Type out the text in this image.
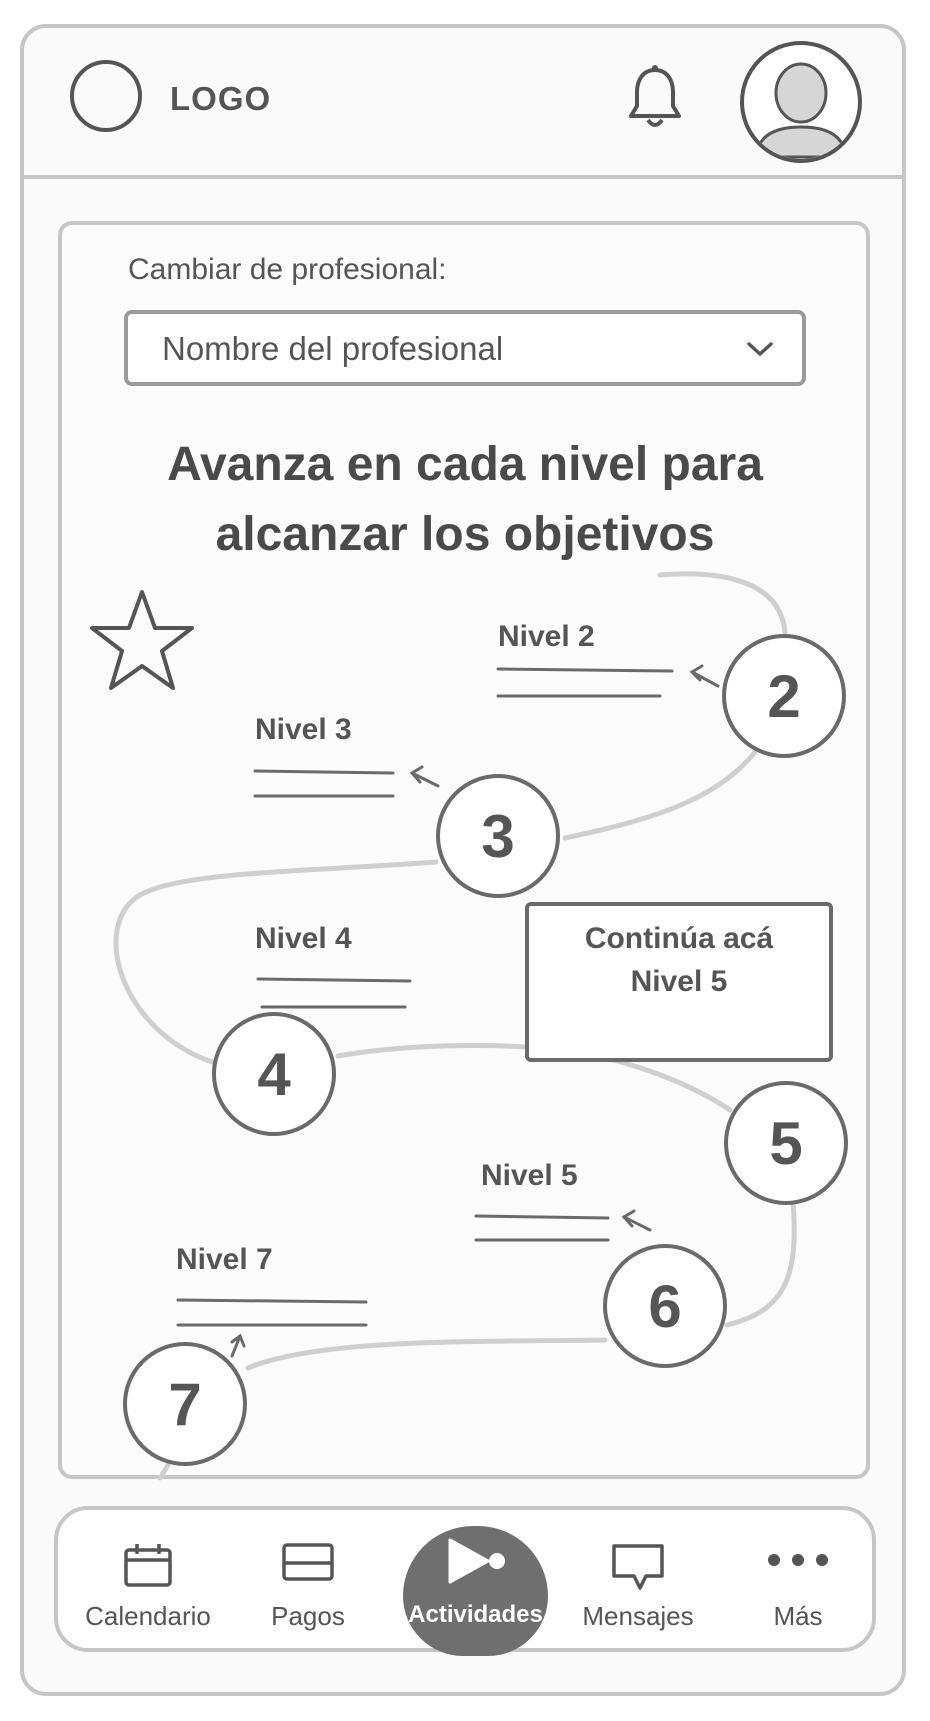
LOGO
Cambiar de profesional:
Nombre del profesional
Avanza en cada nivel para
alcanzar los objetivos
Nivel 2
Nivel 3
Nivel 4
Nivel 5
Nivel 7
2
3
4
5
6
7
Continúa acá
Nivel 5
Calendario	Pagos	Actividades	Mensajes	Más
